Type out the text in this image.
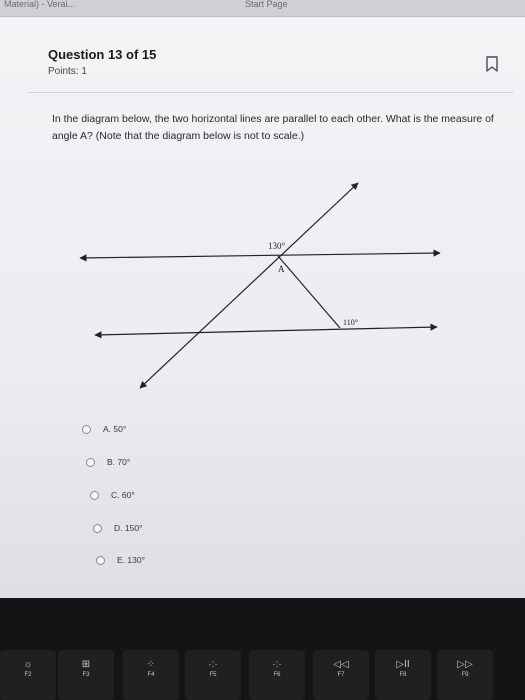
Material) - Verai...	Start Page
Question 13 of 15
Points: 1
In the diagram below, the two horizontal lines are parallel to each other. What is the measure of angle A? (Note that the diagram below is not to scale.)
130°
A
110°
A. 50°
B. 70°
C. 60°
D. 150°
E. 130°
☼
F2
⊞
F3
⁘
F4
·:·
F5
·:·
F6
◁◁
F7
▷II
F8
▷▷
F9
